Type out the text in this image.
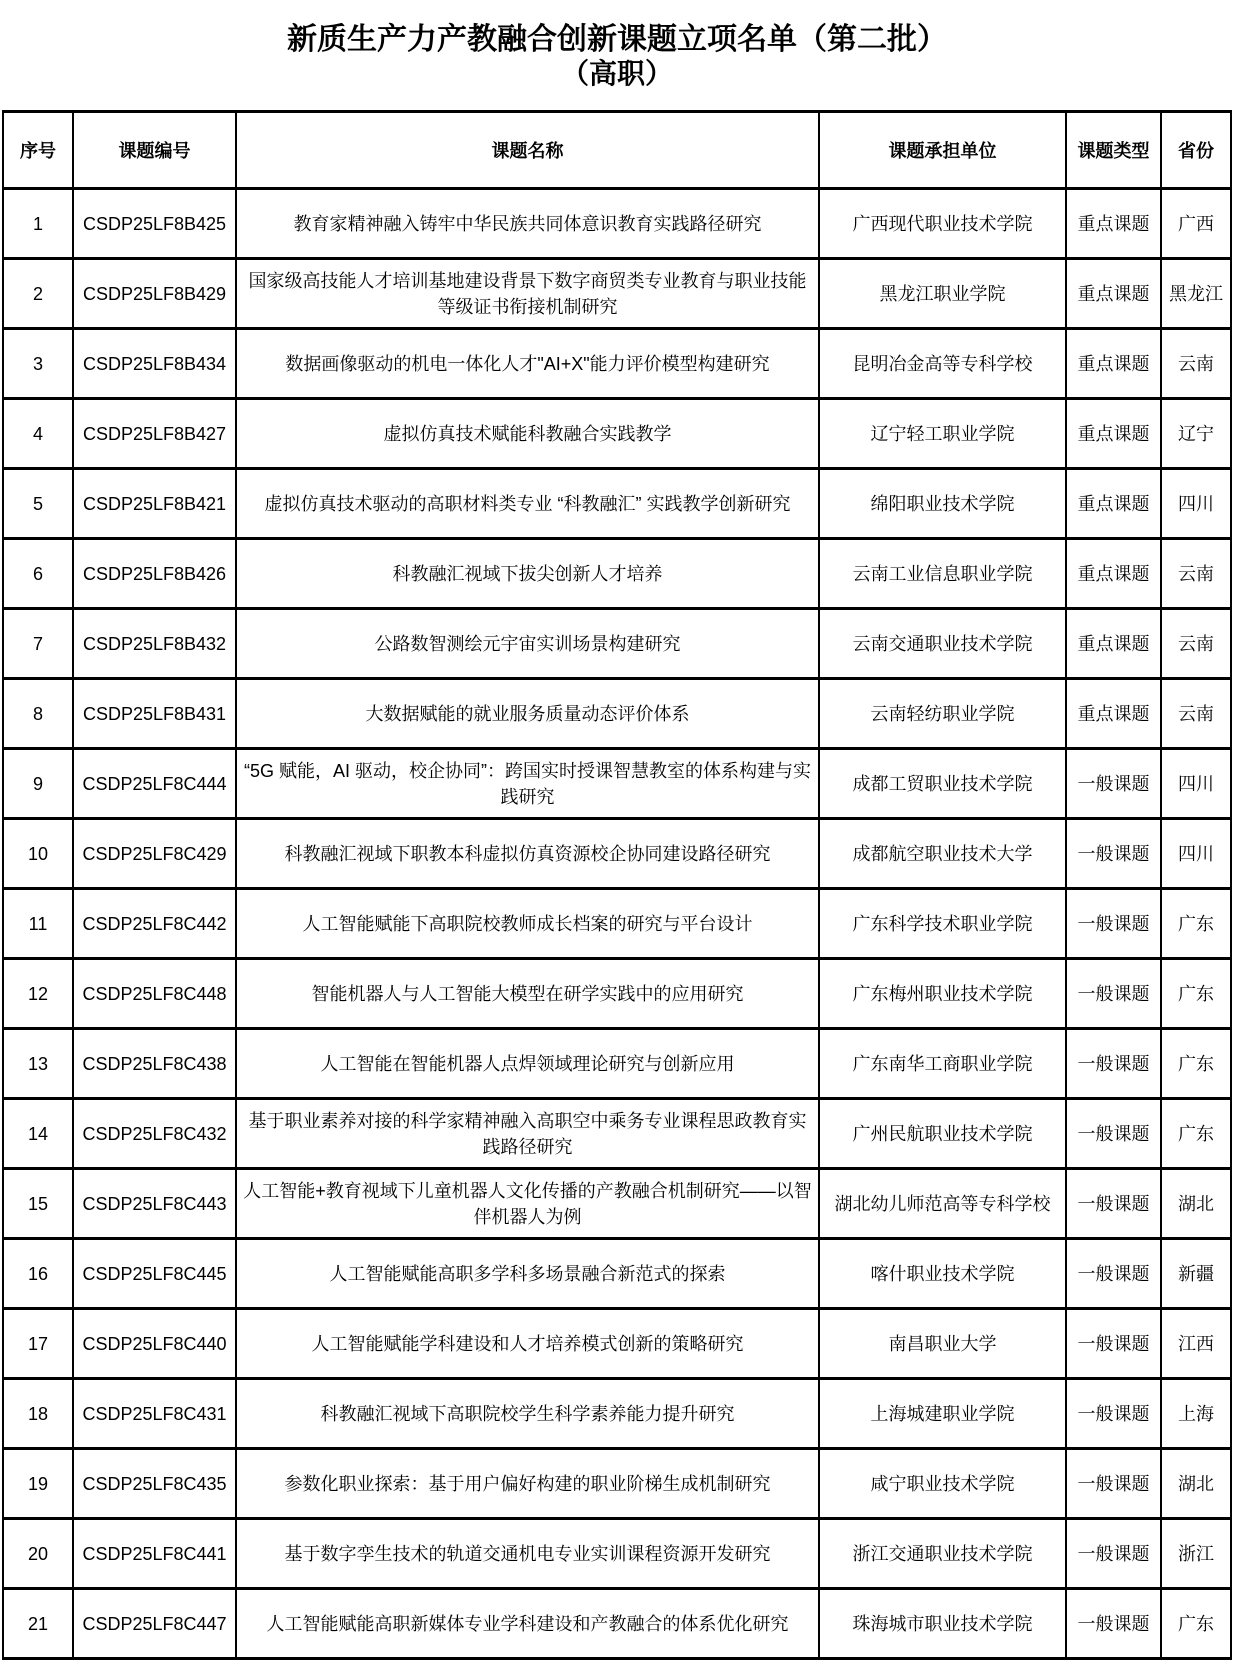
新质生产力产教融合创新课题立项名单（第二批）
（高职）
序号	课题编号	课题名称	课题承担单位	课题类型	省份
1	CSDP25LF8B425	教育家精神融入铸牢中华民族共同体意识教育实践路径研究	广西现代职业技术学院	重点课题	广西
2	CSDP25LF8B429	国家级高技能人才培训基地建设背景下数字商贸类专业教育与职业技能等级证书衔接机制研究	黑龙江职业学院	重点课题	黑龙江
3	CSDP25LF8B434	数据画像驱动的机电一体化人才"AI+X"能力评价模型构建研究	昆明冶金高等专科学校	重点课题	云南
4	CSDP25LF8B427	虚拟仿真技术赋能科教融合实践教学	辽宁轻工职业学院	重点课题	辽宁
5	CSDP25LF8B421	虚拟仿真技术驱动的高职材料类专业 “科教融汇” 实践教学创新研究	绵阳职业技术学院	重点课题	四川
6	CSDP25LF8B426	科教融汇视域下拔尖创新人才培养	云南工业信息职业学院	重点课题	云南
7	CSDP25LF8B432	公路数智测绘元宇宙实训场景构建研究	云南交通职业技术学院	重点课题	云南
8	CSDP25LF8B431	大数据赋能的就业服务质量动态评价体系	云南轻纺职业学院	重点课题	云南
9	CSDP25LF8C444	“5G 赋能，AI 驱动，校企协同”：跨国实时授课智慧教室的体系构建与实践研究	成都工贸职业技术学院	一般课题	四川
10	CSDP25LF8C429	科教融汇视域下职教本科虚拟仿真资源校企协同建设路径研究	成都航空职业技术大学	一般课题	四川
11	CSDP25LF8C442	人工智能赋能下高职院校教师成长档案的研究与平台设计	广东科学技术职业学院	一般课题	广东
12	CSDP25LF8C448	智能机器人与人工智能大模型在研学实践中的应用研究	广东梅州职业技术学院	一般课题	广东
13	CSDP25LF8C438	人工智能在智能机器人点焊领域理论研究与创新应用	广东南华工商职业学院	一般课题	广东
14	CSDP25LF8C432	基于职业素养对接的科学家精神融入高职空中乘务专业课程思政教育实践路径研究	广州民航职业技术学院	一般课题	广东
15	CSDP25LF8C443	人工智能+教育视域下儿童机器人文化传播的产教融合机制研究——以智伴机器人为例	湖北幼儿师范高等专科学校	一般课题	湖北
16	CSDP25LF8C445	人工智能赋能高职多学科多场景融合新范式的探索	喀什职业技术学院	一般课题	新疆
17	CSDP25LF8C440	人工智能赋能学科建设和人才培养模式创新的策略研究	南昌职业大学	一般课题	江西
18	CSDP25LF8C431	科教融汇视域下高职院校学生科学素养能力提升研究	上海城建职业学院	一般课题	上海
19	CSDP25LF8C435	参数化职业探索：基于用户偏好构建的职业阶梯生成机制研究	咸宁职业技术学院	一般课题	湖北
20	CSDP25LF8C441	基于数字孪生技术的轨道交通机电专业实训课程资源开发研究	浙江交通职业技术学院	一般课题	浙江
21	CSDP25LF8C447	人工智能赋能高职新媒体专业学科建设和产教融合的体系优化研究	珠海城市职业技术学院	一般课题	广东
